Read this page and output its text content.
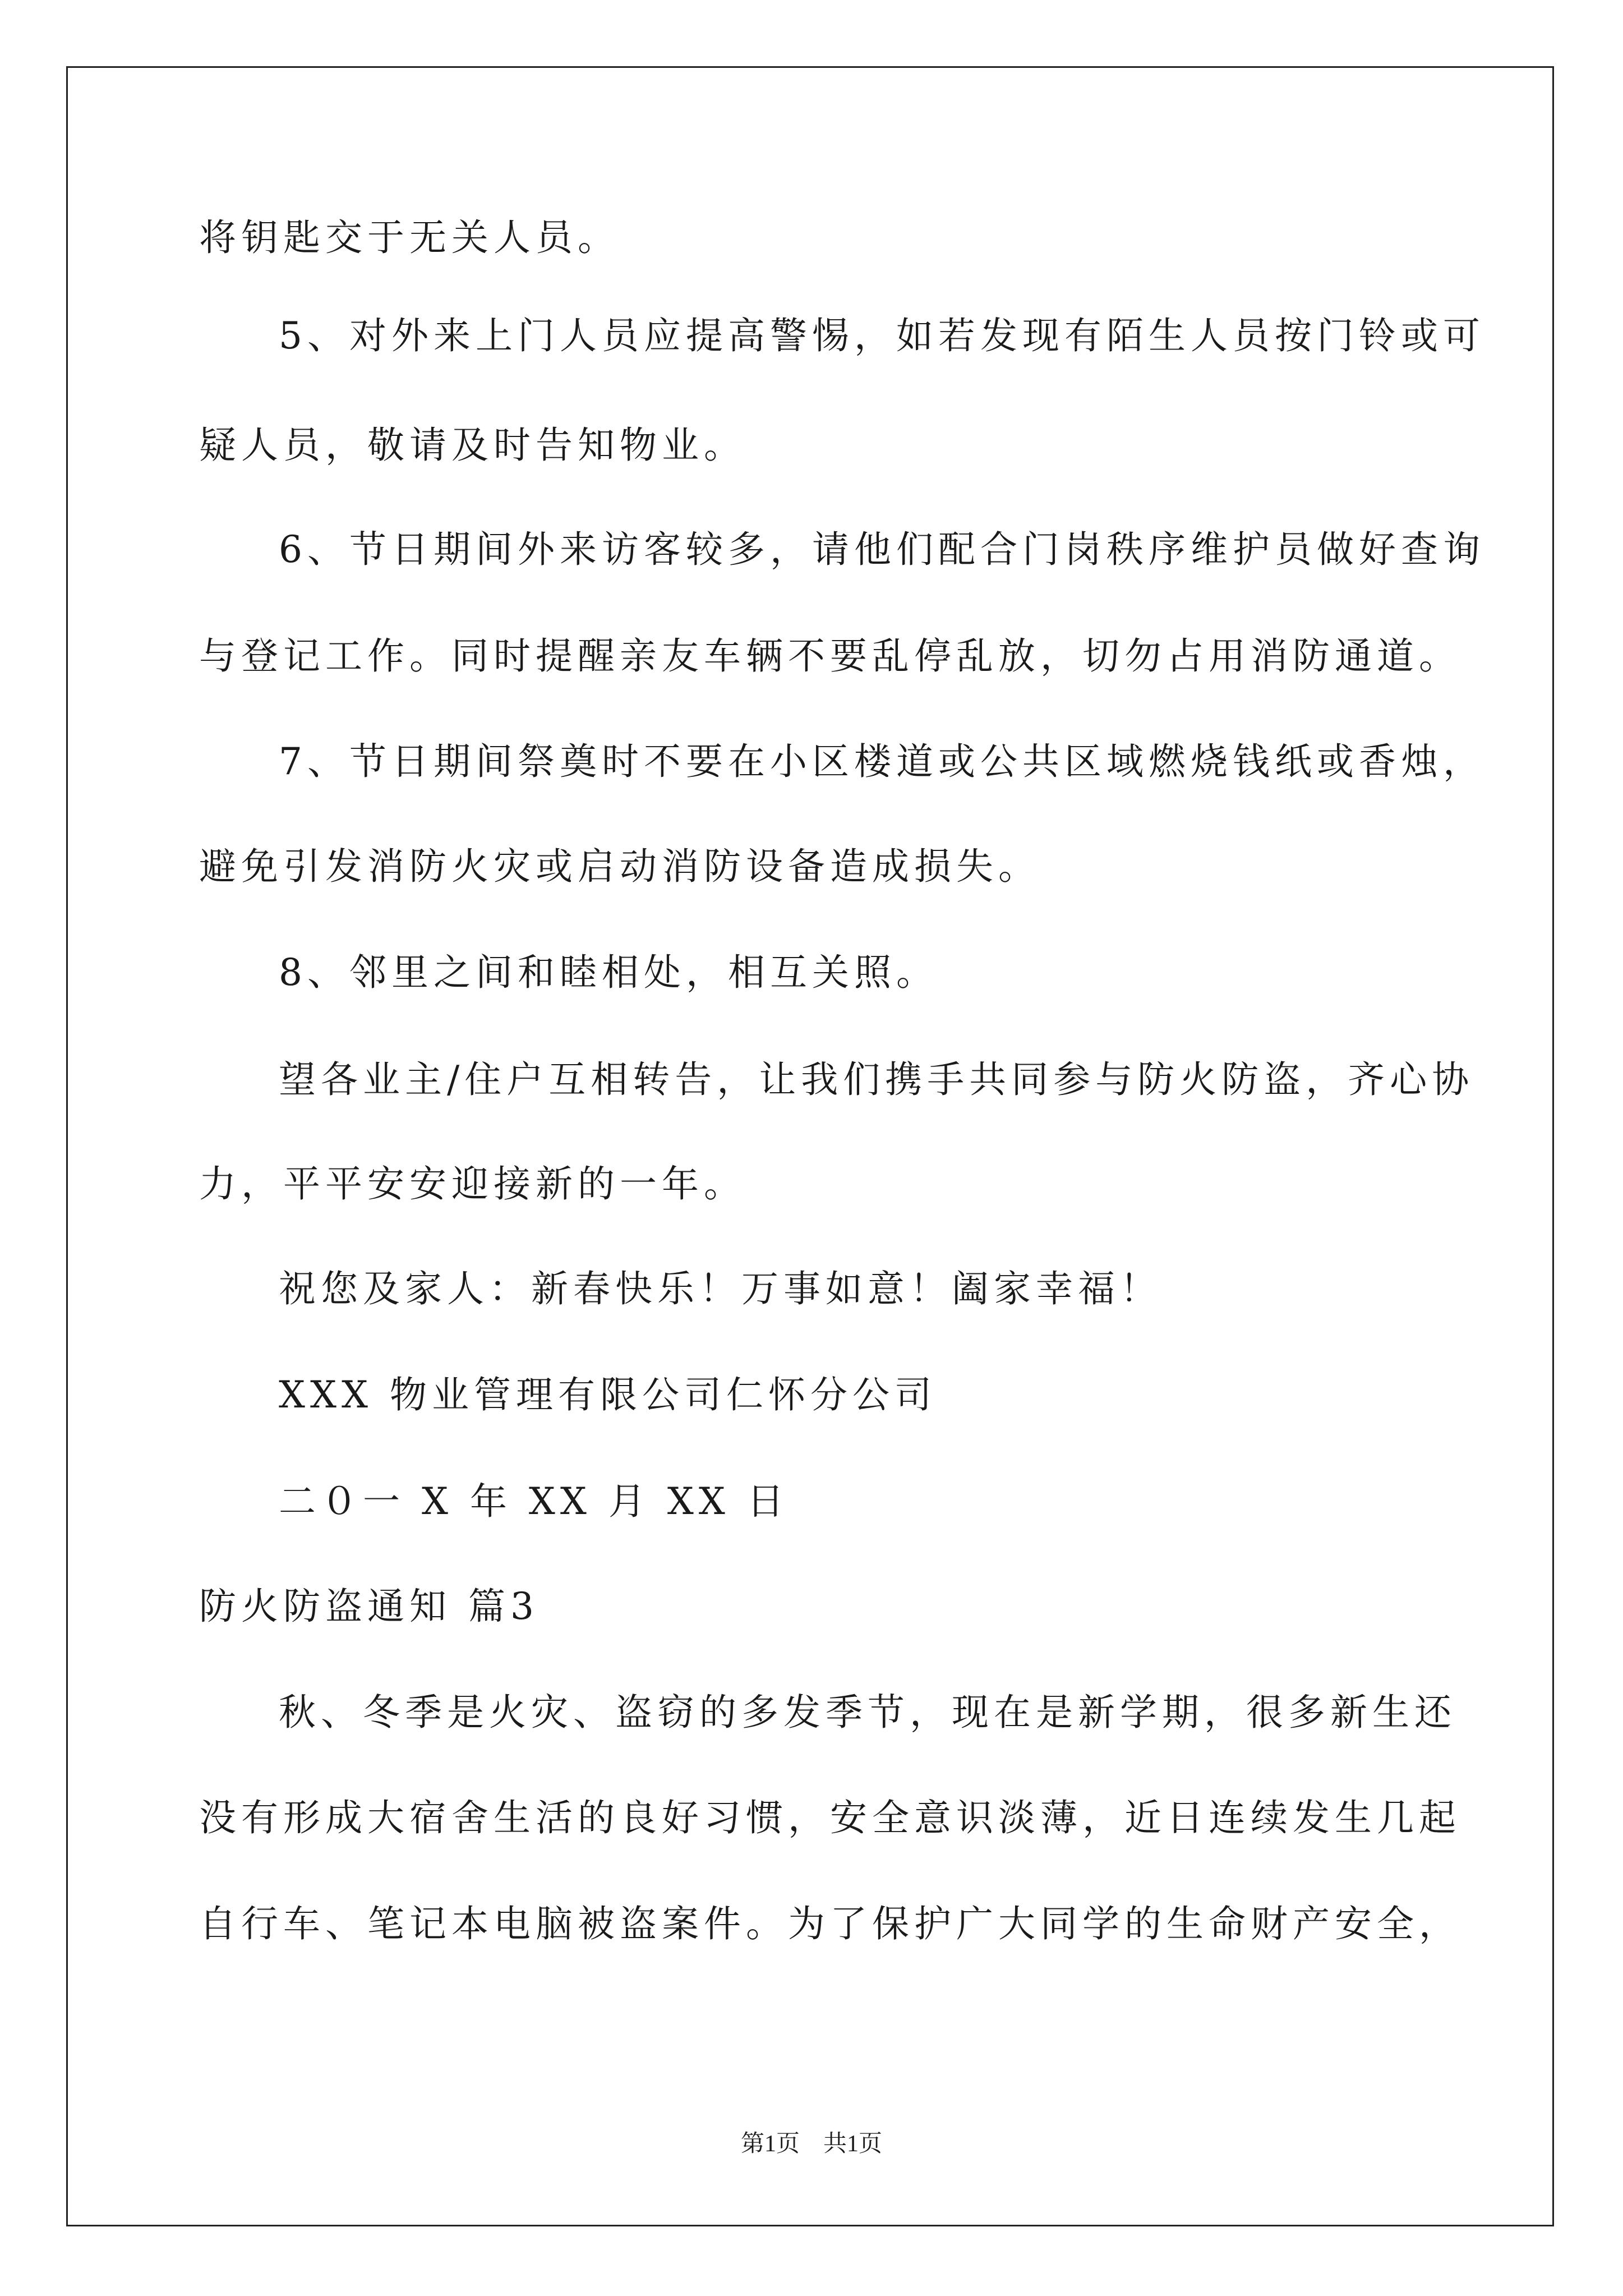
将钥匙交于无关人员。
5、对外来上门人员应提高警惕，如若发现有陌生人员按门铃或可
疑人员，敬请及时告知物业。
6、节日期间外来访客较多，请他们配合门岗秩序维护员做好查询
与登记工作。同时提醒亲友车辆不要乱停乱放，切勿占用消防通道。
7、节日期间祭奠时不要在小区楼道或公共区域燃烧钱纸或香烛，
避免引发消防火灾或启动消防设备造成损失。
8、邻里之间和睦相处，相互关照。
望各业主/住户互相转告，让我们携手共同参与防火防盗，齐心协
力，平平安安迎接新的一年。
祝您及家人：新春快乐！万事如意！阖家幸福！
XXX 物业管理有限公司仁怀分公司
二０一 X 年 XX 月 XX 日
防火防盗通知 篇3
秋、冬季是火灾、盗窃的多发季节，现在是新学期，很多新生还
没有形成大宿舍生活的良好习惯，安全意识淡薄，近日连续发生几起
自行车、笔记本电脑被盗案件。为了保护广大同学的生命财产安全，
第1页　共1页
